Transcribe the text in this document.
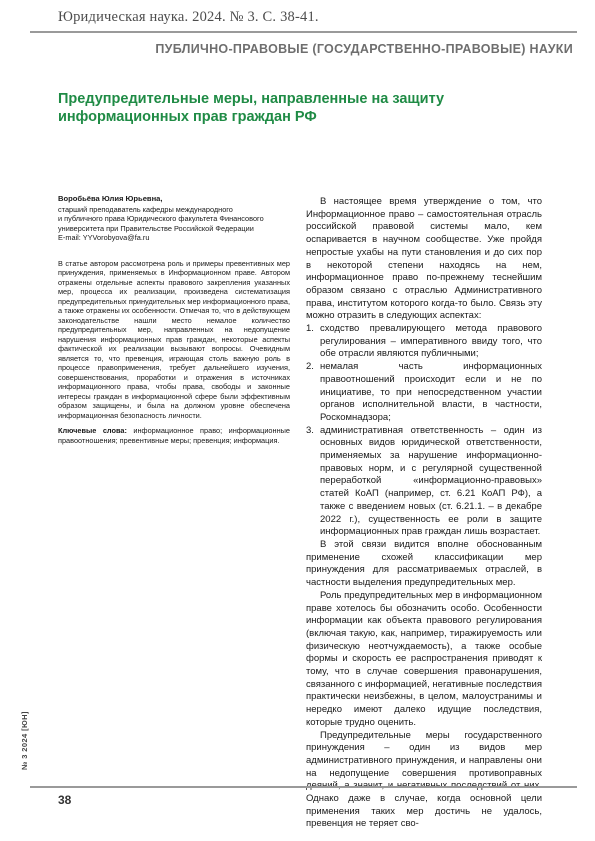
Юридическая наука. 2024. № 3. С. 38-41.
ПУБЛИЧНО-ПРАВОВЫЕ (ГОСУДАРСТВЕННО-ПРАВОВЫЕ) НАУКИ
Предупредительные меры, направленные на защиту информационных прав граждан РФ
Воробьёва Юлия Юрьевна,
старший преподаватель кафедры международного
и публичного права Юридического факультета Финансового
университета при Правительстве Российской Федерации
E-mail: YYVorobyova@fa.ru
В статье автором рассмотрена роль и примеры превентивных мер принуждения, применяемых в Информационном праве. Автором отражены отдельные аспекты правового закрепления указанных мер, процесса их реализации, произведена систематизация предупредительных принудительных мер информационного права, а также отражены их особенности. Отмечая то, что в действующем законодательстве нашли место немалое количество предупредительных мер, направленных на недопущение нарушения информационных прав граждан, некоторые аспекты фактической их реализации вызывают вопросы. Очевидным является то, что превенция, играющая столь важную роль в процессе правоприменения, требует дальнейшего изучения, совершенствования, проработки и отражения в источниках информационного права, чтобы права, свободы и законные интересы граждан в информационной сфере были эффективным образом защищены, и была на должном уровне обеспечена информационная безопасность личности.
Ключевые слова: информационное право; информационные правоотношения; превентивные меры; превенция; информация.

В настоящее время утверждение о том, что Информационное право – самостоятельная отрасль российской правовой системы мало, кем оспаривается в научном сообществе. Уже пройдя непростые ухабы на пути становления и до сих пор в некоторой степени находясь на нем, информационное право по-прежнему теснейшим образом связано с отраслью Административного права, институтом которого когда-то было. Связь эту можно отразить в следующих аспектах:

1. сходство превалирующего метода правового регулирования – императивного ввиду того, что обе отрасли являются публичными;
2. немалая часть информационных правоотношений происходит если и не по инициативе, то при непосредственном участии органов исполнительной власти, в частности, Роскомнадзора;
3. административная ответственность – один из основных видов юридической ответственности, применяемых за нарушение информационно-правовых норм, и с регулярной существенной переработкой «информационно-правовых» статей КоАП (например, ст. 6.21 КоАП РФ), а также с введением новых (ст. 6.21.1. – в декабре 2022 г.), существенность ее роли в защите информационных прав граждан лишь возрастает.

В этой связи видится вполне обоснованным применение схожей классификации мер принуждения для рассматриваемых отраслей, в частности выделения предупредительных мер.

Роль предупредительных мер в информационном праве хотелось бы обозначить особо. Особенности информации как объекта правового регулирования (включая такую, как, например, тиражируемость или физическую неотчуждаемость), а также особые формы и скорость ее распространения приводят к тому, что в случае совершения правонарушения, связанного с информацией, негативные последствия практически неизбежны, в целом, малоустранимы и нередко имеют далеко идущие последствия, которые трудно оценить.

Предупредительные меры государственного принуждения – один из видов мер административного принуждения, и направлены они на недопущение совершения противоправных Однако даже в случае, когда основной цели применения таких мер достичь не удалось, превенция не теряет сво-

№ 3 2024 [ЮН]
38
